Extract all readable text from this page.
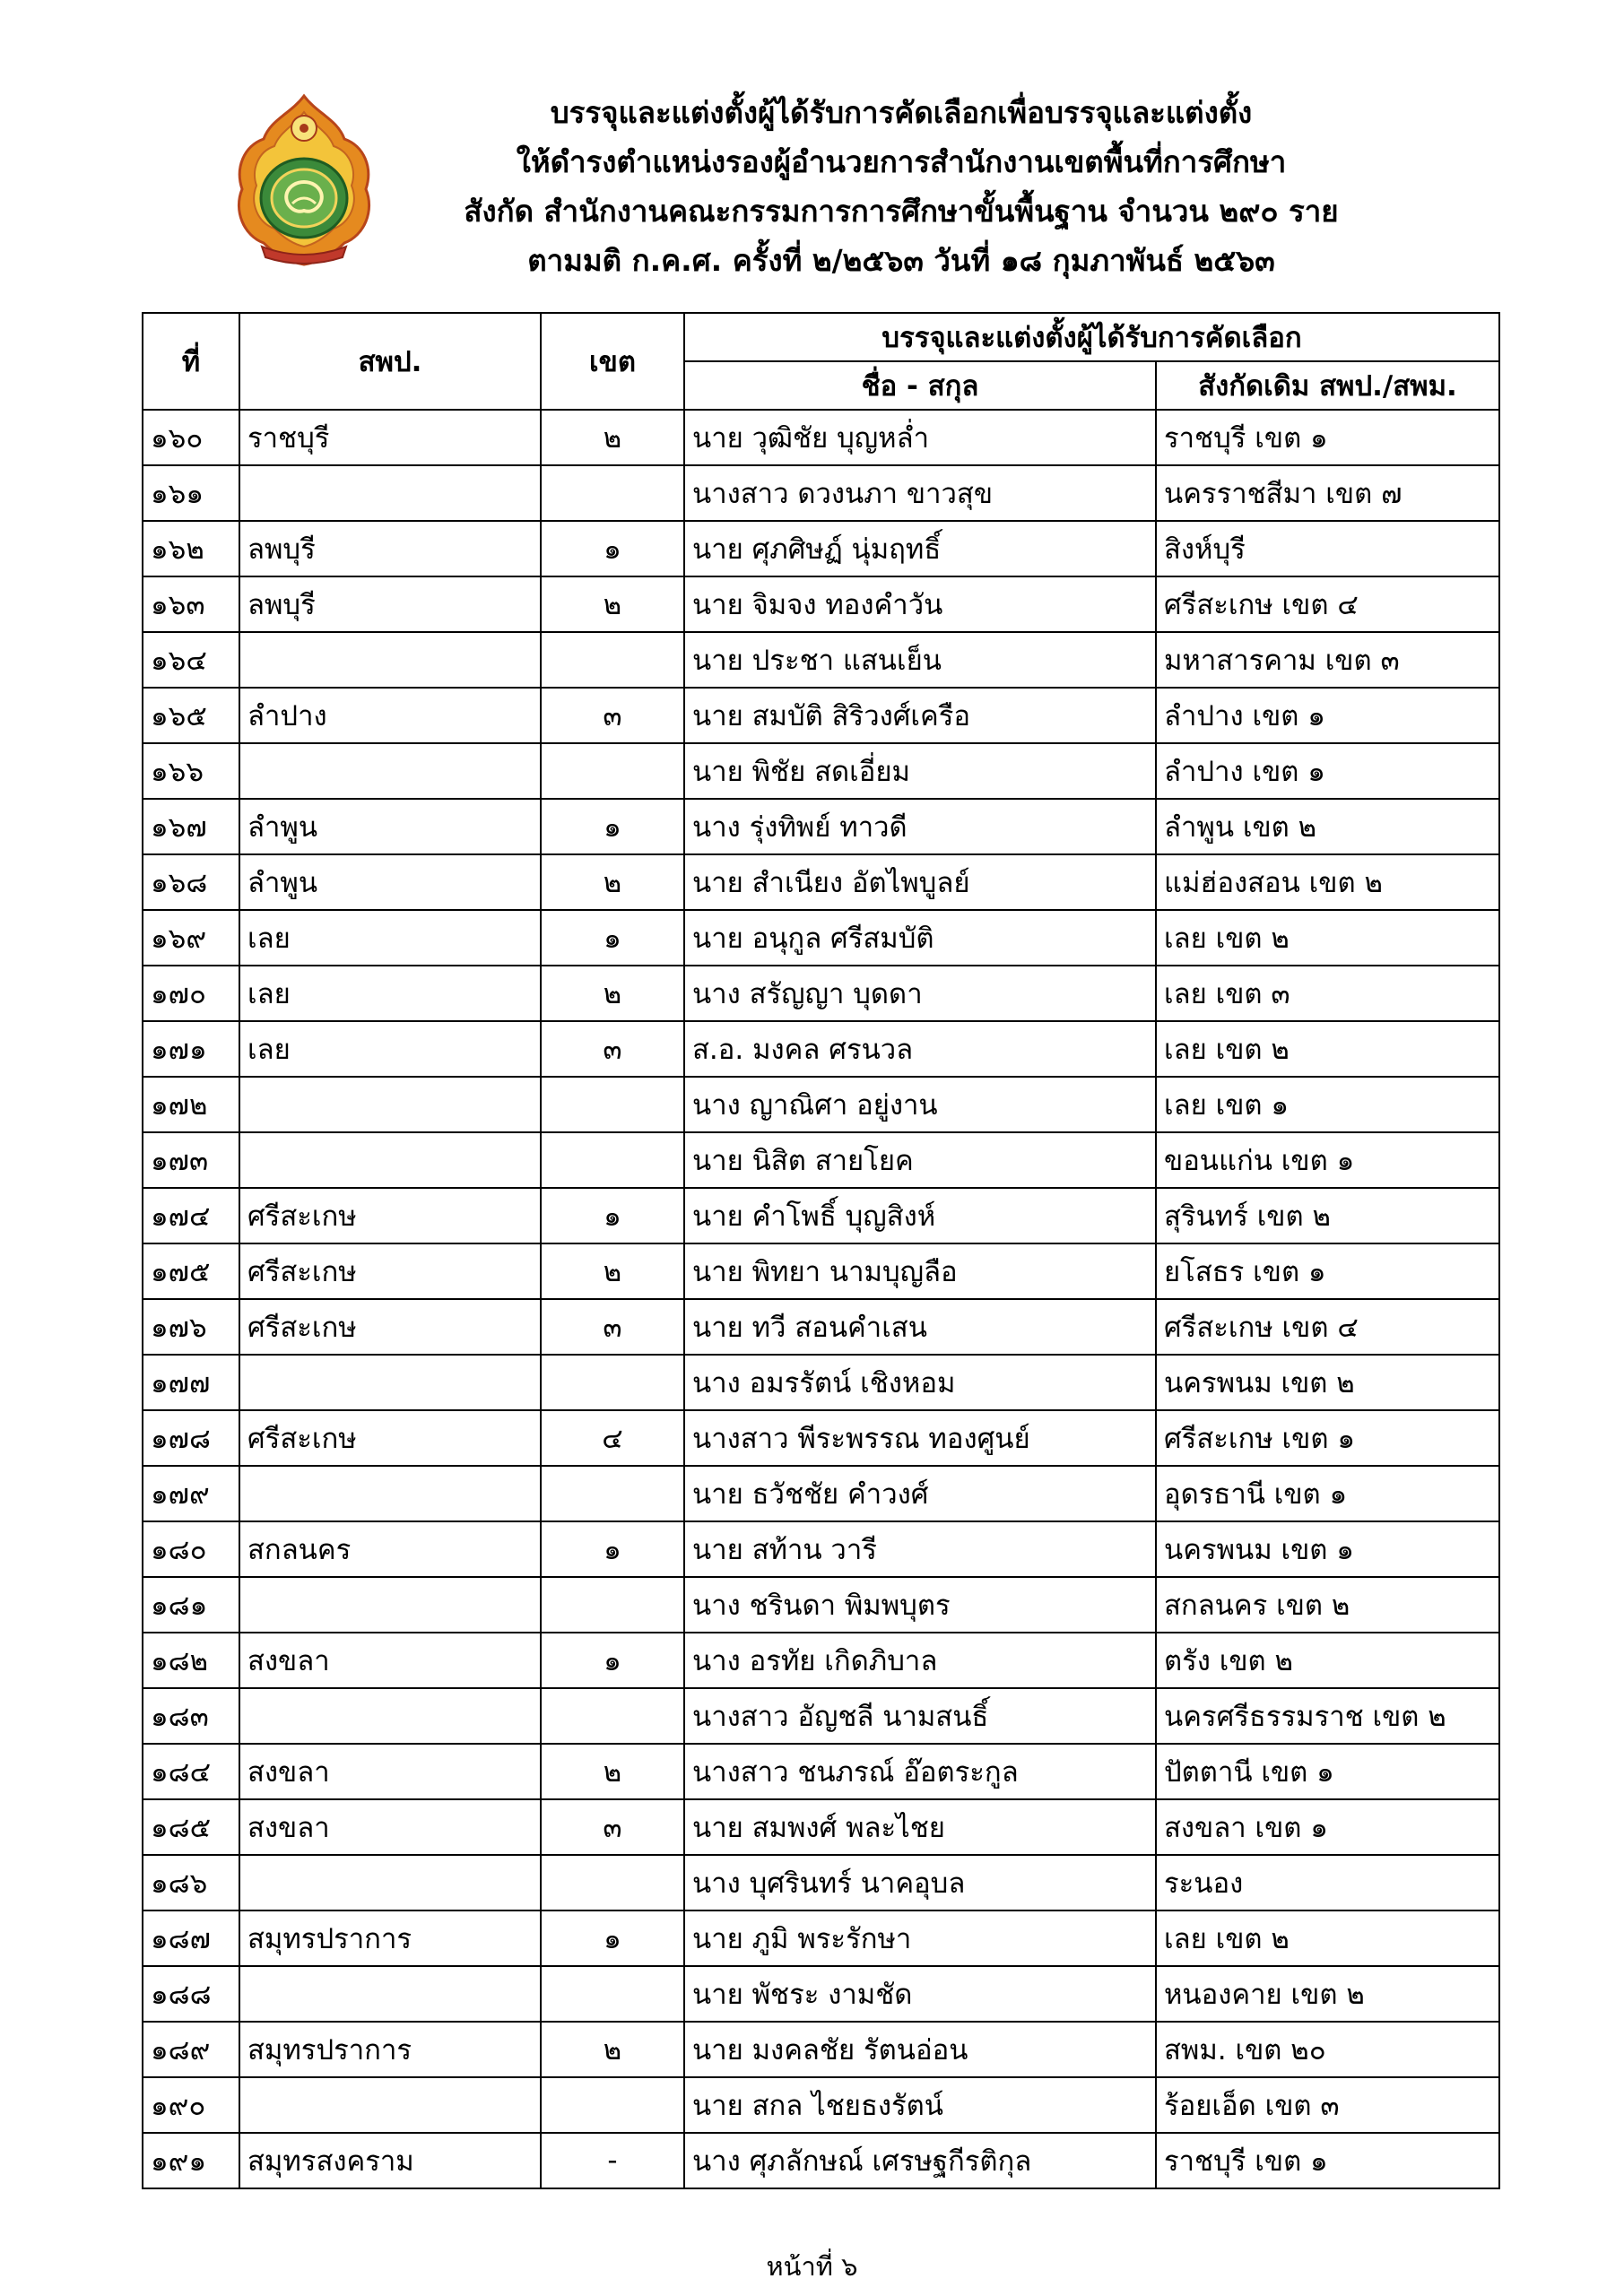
บรรจุและแต่งตั้งผู้ได้รับการคัดเลือกเพื่อบรรจุและแต่งตั้ง
ให้ดำรงตำแหน่งรองผู้อำนวยการสำนักงานเขตพื้นที่การศึกษา
สังกัด สำนักงานคณะกรรมการการศึกษาขั้นพื้นฐาน จำนวน ๒๙๐ ราย
ตามมติ ก.ค.ศ. ครั้งที่ ๒/๒๕๖๓ วันที่ ๑๘ กุมภาพันธ์ ๒๕๖๓
ที่	สพป.	เขต	บรรจุและแต่งตั้งผู้ได้รับการคัดเลือก	
			ชื่อ - สกุล	สังกัดเดิม สพป./สพม.
๑๖๐	ราชบุรี	๒	นาย วุฒิชัย บุญหล่ำ	ราชบุรี เขต ๑
๑๖๑			นางสาว ดวงนภา ขาวสุข	นครราชสีมา เขต ๗
๑๖๒	ลพบุรี	๑	นาย ศุภศิษฏ์ นุ่มฤทธิ์	สิงห์บุรี
๑๖๓	ลพบุรี	๒	นาย จิมจง ทองคำวัน	ศรีสะเกษ เขต ๔
๑๖๔			นาย ประชา แสนเย็น	มหาสารคาม เขต ๓
๑๖๕	ลำปาง	๓	นาย สมบัติ สิริวงศ์เครือ	ลำปาง เขต ๑
๑๖๖			นาย พิชัย สดเอี่ยม	ลำปาง เขต ๑
๑๖๗	ลำพูน	๑	นาง รุ่งทิพย์ ทาวดี	ลำพูน เขต ๒
๑๖๘	ลำพูน	๒	นาย สำเนียง อัตไพบูลย์	แม่ฮ่องสอน เขต ๒
๑๖๙	เลย	๑	นาย อนุกูล ศรีสมบัติ	เลย เขต ๒
๑๗๐	เลย	๒	นาง สรัญญา บุดดา	เลย เขต ๓
๑๗๑	เลย	๓	ส.อ. มงคล ศรนวล	เลย เขต ๒
๑๗๒			นาง ญาณิศา อยู่งาน	เลย เขต ๑
๑๗๓			นาย นิสิต สายโยค	ขอนแก่น เขต ๑
๑๗๔	ศรีสะเกษ	๑	นาย คำโพธิ์ บุญสิงห์	สุรินทร์ เขต ๒
๑๗๕	ศรีสะเกษ	๒	นาย พิทยา นามบุญลือ	ยโสธร เขต ๑
๑๗๖	ศรีสะเกษ	๓	นาย ทวี สอนคำเสน	ศรีสะเกษ เขต ๔
๑๗๗			นาง อมรรัตน์ เชิงหอม	นครพนม เขต ๒
๑๗๘	ศรีสะเกษ	๔	นางสาว พีระพรรณ ทองศูนย์	ศรีสะเกษ เขต ๑
๑๗๙			นาย ธวัชชัย คำวงศ์	อุดรธานี เขต ๑
๑๘๐	สกลนคร	๑	นาย สท้าน วารี	นครพนม เขต ๑
๑๘๑			นาง ชรินดา พิมพบุตร	สกลนคร เขต ๒
๑๘๒	สงขลา	๑	นาง อรทัย เกิดภิบาล	ตรัง เขต ๒
๑๘๓			นางสาว อัญชลี นามสนธิ์	นครศรีธรรมราช เขต ๒
๑๘๔	สงขลา	๒	นางสาว ชนภรณ์ อ๊อตระกูล	ปัตตานี เขต ๑
๑๘๕	สงขลา	๓	นาย สมพงศ์ พละไชย	สงขลา เขต ๑
๑๘๖			นาง บุศรินทร์ นาคอุบล	ระนอง
๑๘๗	สมุทรปราการ	๑	นาย ภูมิ พระรักษา	เลย เขต ๒
๑๘๘			นาย พัชระ งามชัด	หนองคาย เขต ๒
๑๘๙	สมุทรปราการ	๒	นาย มงคลชัย รัตนอ่อน	สพม. เขต ๒๐
๑๙๐			นาย สกล ไชยธงรัตน์	ร้อยเอ็ด เขต ๓
๑๙๑	สมุทรสงคราม	-	นาง ศุภลักษณ์ เศรษฐกีรติกุล	ราชบุรี เขต ๑
หน้าที่ ๖
